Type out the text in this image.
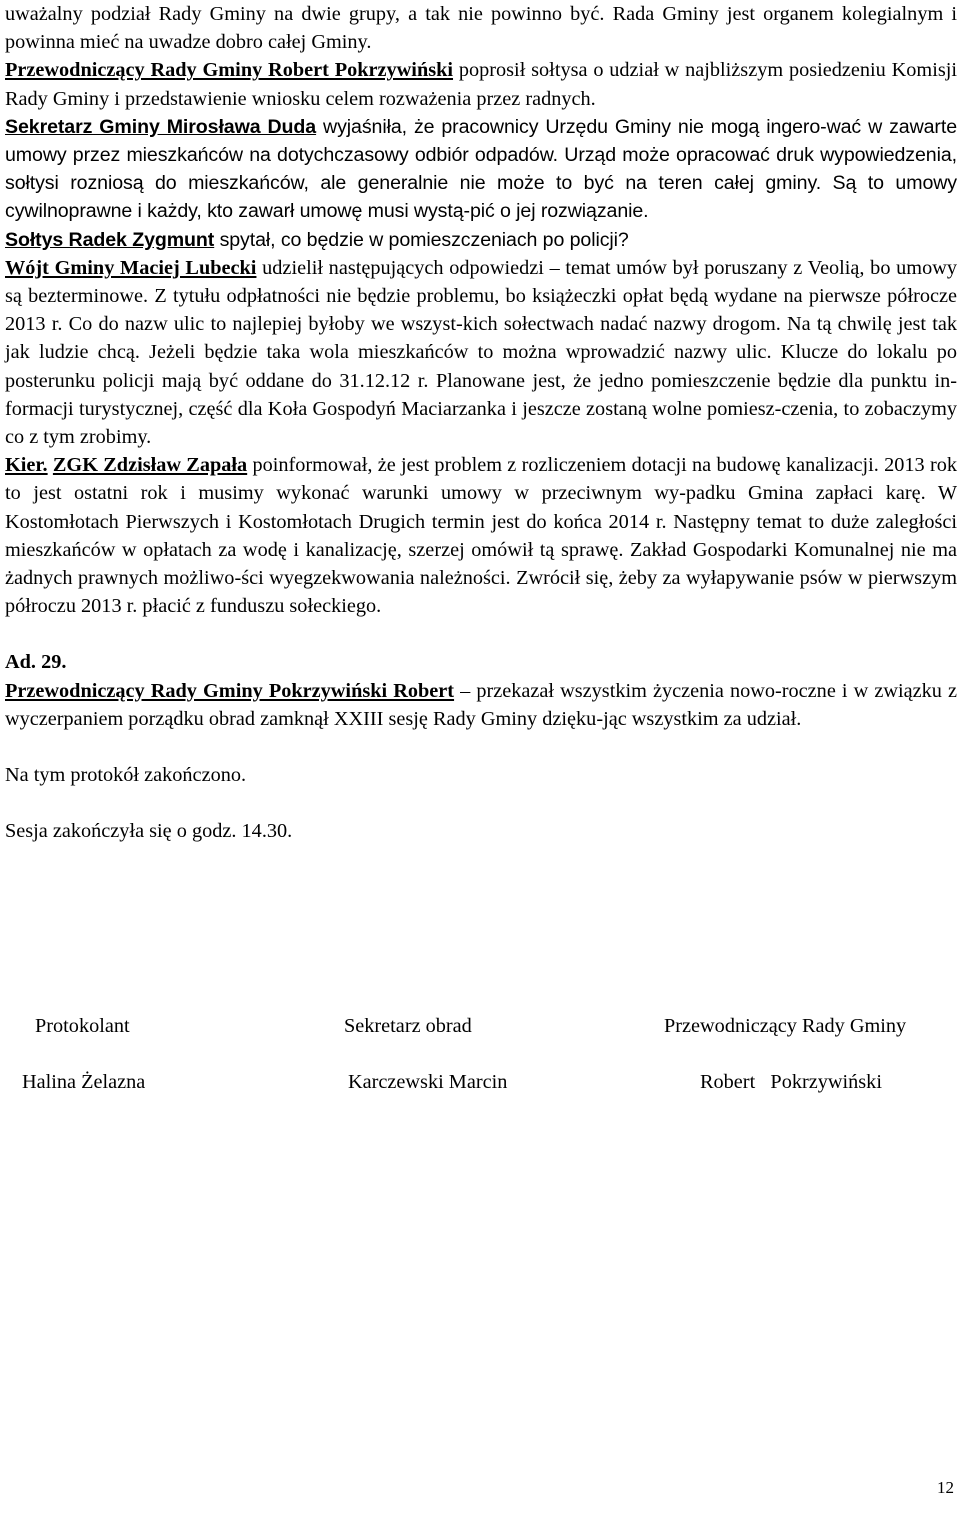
uważalny podział Rady Gminy na dwie grupy, a tak nie powinno być. Rada Gminy jest organem kolegialnym i powinna mieć na uwadze dobro całej Gminy.

Przewodniczący Rady Gminy Robert Pokrzywiński poprosił sołtysa o udział w najbliższym posiedzeniu Komisji Rady Gminy i przedstawienie wniosku celem rozważenia przez radnych.

Sekretarz Gminy Mirosława Duda wyjaśniła, że pracownicy Urzędu Gminy nie mogą ingero-wać w zawarte umowy przez mieszkańców na dotychczasowy odbiór odpadów. Urząd może opracować druk wypowiedzenia, sołtysi rozniosą do mieszkańców, ale generalnie nie może to być na teren całej gminy. Są to umowy cywilnoprawne i każdy, kto zawarł umowę musi wystą-pić o jej rozwiązanie.

Sołtys Radek Zygmunt spytał, co będzie w pomieszczeniach po policji?

Wójt Gminy Maciej Lubecki udzielił następujących odpowiedzi – temat umów był poruszany z Veolią, bo umowy są bezterminowe. Z tytułu odpłatności nie będzie problemu, bo książeczki opłat będą wydane na pierwsze półrocze 2013 r. Co do nazw ulic to najlepiej byłoby we wszyst-kich sołectwach nadać nazwy drogom. Na tą chwilę jest tak jak ludzie chcą. Jeżeli będzie taka wola mieszkańców to można wprowadzić nazwy ulic. Klucze do lokalu po posterunku policji mają być oddane do 31.12.12 r. Planowane jest, że jedno pomieszczenie będzie dla punktu in-formacji turystycznej, część dla Koła Gospodyń Maciarzanka i jeszcze zostaną wolne pomiesz-czenia, to zobaczymy co z tym zrobimy.

Kier. ZGK Zdzisław Zapała poinformował, że jest problem z rozliczeniem dotacji na budowę kanalizacji. 2013 rok to jest ostatni rok i musimy wykonać warunki umowy w przeciwnym wy-padku Gmina zapłaci karę. W Kostomłotach Pierwszych i Kostomłotach Drugich termin jest do końca 2014 r. Następny temat to duże zaległości mieszkańców w opłatach za wodę i kanalizację, szerzej omówił tą sprawę. Zakład Gospodarki Komunalnej nie ma żadnych prawnych możliwo-ści wyegzekwowania należności. Zwrócił się, żeby za wyłapywanie psów w pierwszym półroczu 2013 r. płacić z funduszu sołeckiego.

Ad. 29.

Przewodniczący Rady Gminy Pokrzywiński Robert – przekazał wszystkim życzenia nowo-roczne i w związku z wyczerpaniem porządku obrad zamknął XXIII sesję Rady Gminy dzięku-jąc wszystkim za udział.

Na tym protokół zakończono.

Sesja zakończyła się o godz. 14.30.

Protokolant	Sekretarz obrad	Przewodniczący Rady Gminy
Halina Żelazna	Karczewski Marcin	Robert   Pokrzywiński
12
